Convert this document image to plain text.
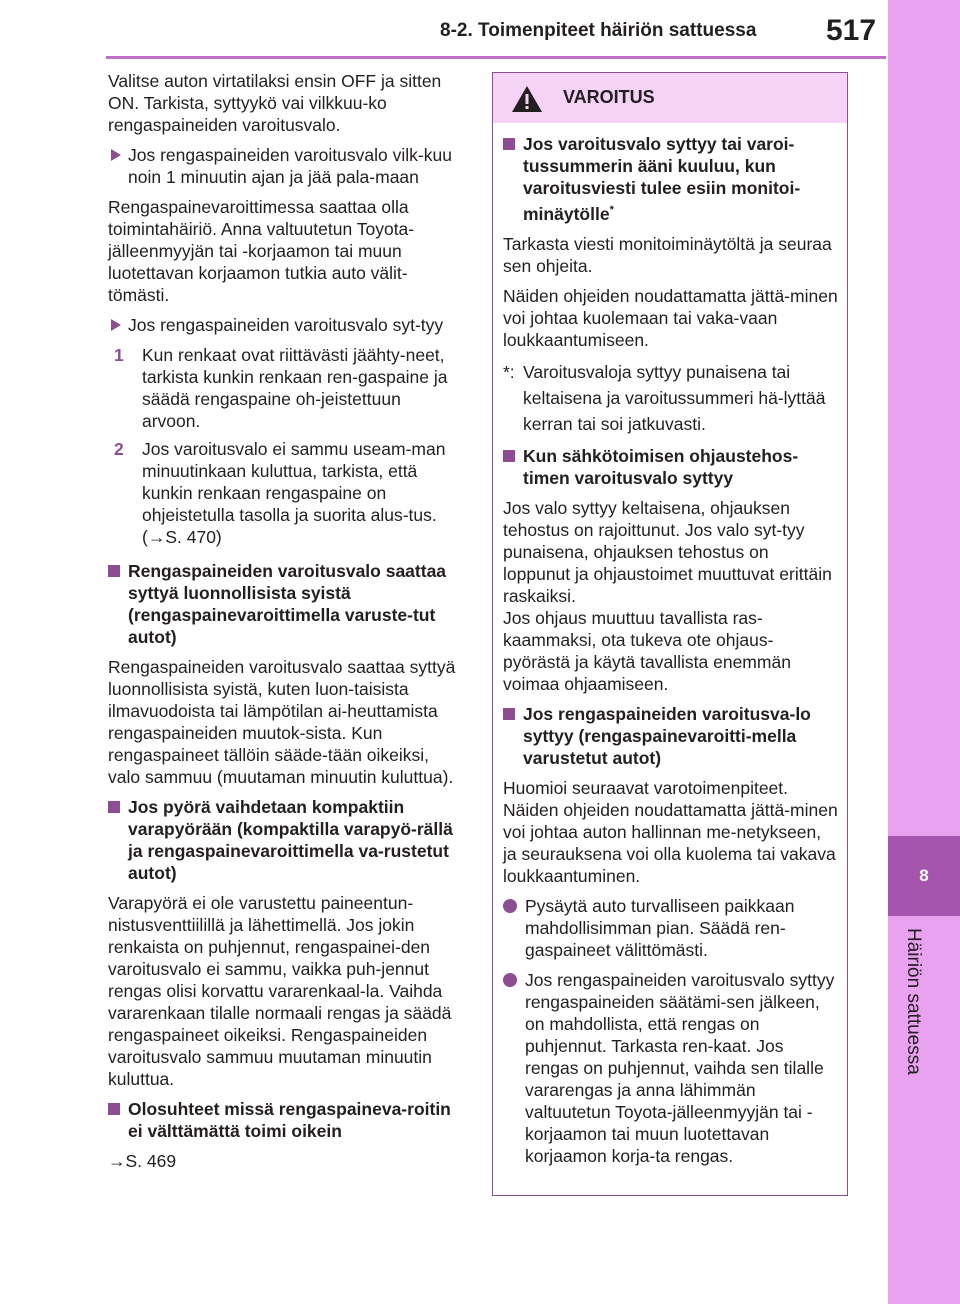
8-2. Toimenpiteet häiriön sattuessa 517
8
Häiriön sattuessa

Valitse auton virtatilaksi ensin OFF ja sitten ON. Tarkista, syttyykö vai vilkkuu-ko rengaspaineiden varoitusvalo.

Jos rengaspaineiden varoitusvalo vilk-kuu noin 1 minuutin ajan ja jää pala-maan

Rengaspainevaroittimessa saattaa olla toimintahäiriö. Anna valtuutetun Toyota-jälleenmyyjän tai -korjaamon tai muun luotettavan korjaamon tutkia auto välit-tömästi.

Jos rengaspaineiden varoitusvalo syt-tyy
1 Kun renkaat ovat riittävästi jäähty-neet, tarkista kunkin renkaan ren-gaspaine ja säädä rengaspaine oh-jeistettuun arvoon.
2 Jos varoitusvalo ei sammu useam-man minuutinkaan kuluttua, tarkista, että kunkin renkaan rengaspaine on ohjeistetulla tasolla ja suorita alus-tus. (→S. 470)
Rengaspaineiden varoitusvalo saattaa syttyä luonnollisista syistä (rengaspainevaroittimella varuste-tut autot)

Rengaspaineiden varoitusvalo saattaa syttyä luonnollisista syistä, kuten luon-taisista ilmavuodoista tai lämpötilan ai-heuttamista rengaspaineiden muutok-sista. Kun rengaspaineet tällöin sääde-tään oikeiksi, valo sammuu (muutaman minuutin kuluttua).

Jos pyörä vaihdetaan kompaktiin varapyörään (kompaktilla varapyö-rällä ja rengaspainevaroittimella va-rustetut autot)

Varapyörä ei ole varustettu paineentun-nistusventtiilillä ja lähettimellä. Jos jokin renkaista on puhjennut, rengaspainei-den varoitusvalo ei sammu, vaikka puh-jennut rengas olisi korvattu vararenkaal-la. Vaihda vararenkaan tilalle normaali rengas ja säädä rengaspaineet oikeiksi. Rengaspaineiden varoitusvalo sammuu muutaman minuutin kuluttua.

Olosuhteet missä rengaspaineva-roitin ei välttämättä toimi oikein

→S. 469

VAROITUS
Jos varoitusvalo syttyy tai varoi-tussummerin ääni kuuluu, kun varoitusviesti tulee esiin monitoi-minäytölle*

Tarkasta viesti monitoiminäytöltä ja seuraa sen ohjeita.

Näiden ohjeiden noudattamatta jättä-minen voi johtaa kuolemaan tai vaka-vaan loukkaantumiseen.

*: Varoitusvaloja syttyy punaisena tai keltaisena ja varoitussummeri hä-lyttää kerran tai soi jatkuvasti.
Kun sähkötoimisen ohjaustehos-timen varoitusvalo syttyy

Jos valo syttyy keltaisena, ohjauksen tehostus on rajoittunut. Jos valo syt-tyy punaisena, ohjauksen tehostus on loppunut ja ohjaustoimet muuttuvat erittäin raskaiksi.

Jos ohjaus muuttuu tavallista ras-kaammaksi, ota tukeva ote ohjaus-pyörästä ja käytä tavallista enemmän voimaa ohjaamiseen.

Jos rengaspaineiden varoitusva-lo syttyy (rengaspainevaroitti-mella varustetut autot)

Huomioi seuraavat varotoimenpiteet. Näiden ohjeiden noudattamatta jättä-minen voi johtaa auton hallinnan me-netykseen, ja seurauksena voi olla kuolema tai vakava loukkaantuminen.

Pysäytä auto turvalliseen paikkaan mahdollisimman pian. Säädä ren-gaspaineet välittömästi.
Jos rengaspaineiden varoitusvalo syttyy rengaspaineiden säätämi-sen jälkeen, on mahdollista, että rengas on puhjennut. Tarkasta ren-kaat. Jos rengas on puhjennut, vaihda sen tilalle vararengas ja anna lähimmän valtuutetun Toyota-jälleenmyyjän tai -korjaamon tai muun luotettavan korjaamon korja-ta rengas.
